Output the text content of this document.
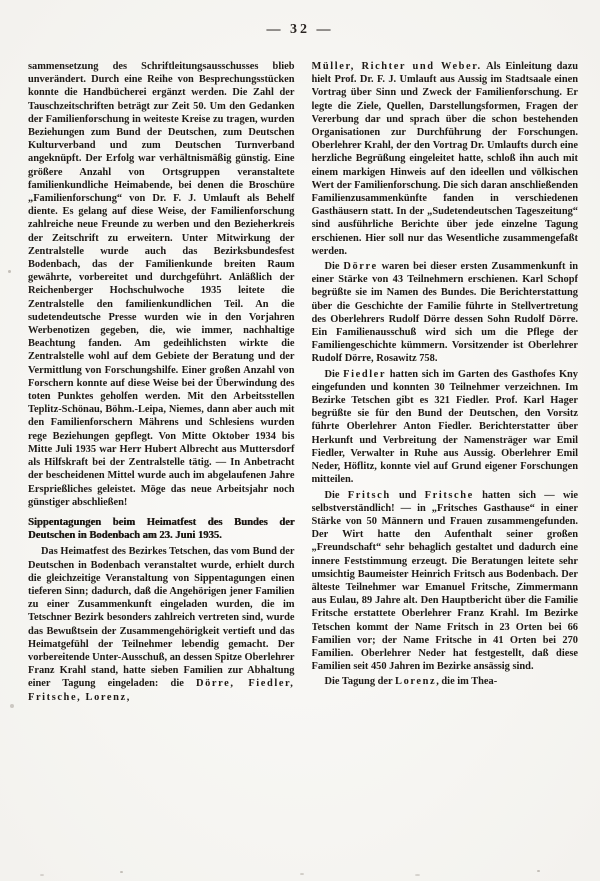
— 32 —

sammensetzung des Schriftleitungsausschusses blieb unverändert. Durch eine Reihe von Besprechungsstücken konnte die Handbücherei ergänzt werden. Die Zahl der Tauschzeitschriften beträgt zur Zeit 50. Um den Gedanken der Familienforschung in weiteste Kreise zu tragen, wurden Beziehungen zum Bund der Deutschen, zum Deutschen Kulturverband und zum Deutschen Turnverband angeknüpft. Der Erfolg war verhältnismäßig günstig. Eine größere Anzahl von Ortsgruppen veranstaltete familienkundliche Heimabende, bei denen die Broschüre „Familienforschung“ von Dr. F. J. Umlauft als Behelf diente. Es gelang auf diese Weise, der Familienforschung zahlreiche neue Freunde zu werben und den Bezieherkreis der Zeitschrift zu erweitern. Unter Mitwirkung der Zentralstelle wurde auch das Bezirksbundesfest Bodenbach, das der Familienkunde breiten Raum gewährte, vorbereitet und durchgeführt. Anläßlich der Reichenberger Hochschulwoche 1935 leitete die Zentralstelle den familienkundlichen Teil. An die sudetendeutsche Presse wurden wie in den Vorjahren Werbenotizen gegeben, die, wie immer, nachhaltige Beachtung fanden. Am gedeihlichsten wirkte die Zentralstelle wohl auf dem Gebiete der Beratung und der Vermittlung von Forschungshilfe. Einer großen Anzahl von Forschern konnte auf diese Weise bei der Überwindung des toten Punktes geholfen werden. Mit den Arbeitsstellen Teplitz-Schönau, Böhm.-Leipa, Niemes, dann aber auch mit den Familienforschern Mährens und Schlesiens wurden rege Beziehungen gepflegt. Von Mitte Oktober 1934 bis Mitte Juli 1935 war Herr Hubert Albrecht aus Muttersdorf als Hilfskraft bei der Zentralstelle tätig. — In Anbetracht der bescheidenen Mittel wurde auch im abgelaufenen Jahre Ersprießliches geleistet. Möge das neue Arbeitsjahr noch günstiger abschließen!

Sippentagungen beim Heimatfest des Bundes der Deutschen in Bodenbach am 23. Juni 1935.

Das Heimatfest des Bezirkes Tetschen, das vom Bund der Deutschen in Bodenbach veranstaltet wurde, erhielt durch die gleichzeitige Veranstaltung von Sippentagungen einen tieferen Sinn; dadurch, daß die Angehörigen jener Familien zu einer Zusammenkunft eingeladen wurden, die im Tetschner Bezirk besonders zahlreich vertreten sind, wurde das Bewußtsein der Zusammengehörigkeit vertieft und das Heimatgefühl der Teilnehmer lebendig gemacht. Der vorbereitende Unter-Ausschuß, an dessen Spitze Oberlehrer Franz Krahl stand, hatte sieben Familien zur Abhaltung einer Tagung eingeladen: die Dörre, Fiedler, Fritsche, Lorenz,

Müller, Richter und Weber. Als Einleitung dazu hielt Prof. Dr. F. J. Umlauft aus Aussig im Stadtsaale einen Vortrag über Sinn und Zweck der Familienforschung. Er legte die Ziele, Quellen, Darstellungsformen, Fragen der Vererbung dar und sprach über die schon bestehenden Organisationen zur Durchführung der Forschungen. Oberlehrer Krahl, der den Vortrag Dr. Umlaufts durch eine herzliche Begrüßung eingeleitet hatte, schloß ihn auch mit einem markigen Hinweis auf den ideellen und völkischen Wert der Familienforschung. Die sich daran anschließenden Familienzusammenkünfte fanden in verschiedenen Gasthäusern statt. In der „Sudetendeutschen Tageszeitung“ sind ausführliche Berichte über jede einzelne Tagung erschienen. Hier soll nur das Wesentliche zusammengefaßt werden.

Die Dörre waren bei dieser ersten Zusammenkunft in einer Stärke von 43 Teilnehmern erschienen. Karl Schopf begrüßte sie im Namen des Bundes. Die Berichterstattung über die Geschichte der Familie führte in Stellvertretung des Oberlehrers Rudolf Dörre dessen Sohn Rudolf Dörre. Ein Familienausschuß wird sich um die Pflege der Familiengeschichte kümmern. Vorsitzender ist Oberlehrer Rudolf Dörre, Rosawitz 758.

Die Fiedler hatten sich im Garten des Gasthofes Kny eingefunden und konnten 30 Teilnehmer verzeichnen. Im Bezirke Tetschen gibt es 321 Fiedler. Prof. Karl Hager begrüßte sie für den Bund der Deutschen, den Vorsitz führte Oberlehrer Anton Fiedler. Berichterstatter über Herkunft und Verbreitung der Namensträger war Emil Fiedler, Verwalter in Ruhe aus Aussig. Oberlehrer Emil Neder, Höflitz, konnte viel auf Grund eigener Forschungen mitteilen.

Die Fritsch und Fritsche hatten sich — wie selbstverständlich! — in „Fritsches Gasthause“ in einer Stärke von 50 Männern und Frauen zusammengefunden. Der Wirt hatte den Aufenthalt seiner großen „Freundschaft“ sehr behaglich gestaltet und dadurch eine innere Feststimmung erzeugt. Die Beratungen leitete sehr umsichtig Baumeister Heinrich Fritsch aus Bodenbach. Der älteste Teilnehmer war Emanuel Fritsche, Zimmermann aus Eulau, 89 Jahre alt. Den Hauptbericht über die Familie Fritsche erstattete Oberlehrer Franz Krahl. Im Bezirke Tetschen kommt der Name Fritsch in 23 Orten bei 66 Familien vor; der Name Fritsche in 41 Orten bei 270 Familien. Oberlehrer Neder hat festgestellt, daß diese Familien seit 450 Jahren im Bezirke ansässig sind.

Die Tagung der Lorenz, die im Thea-
